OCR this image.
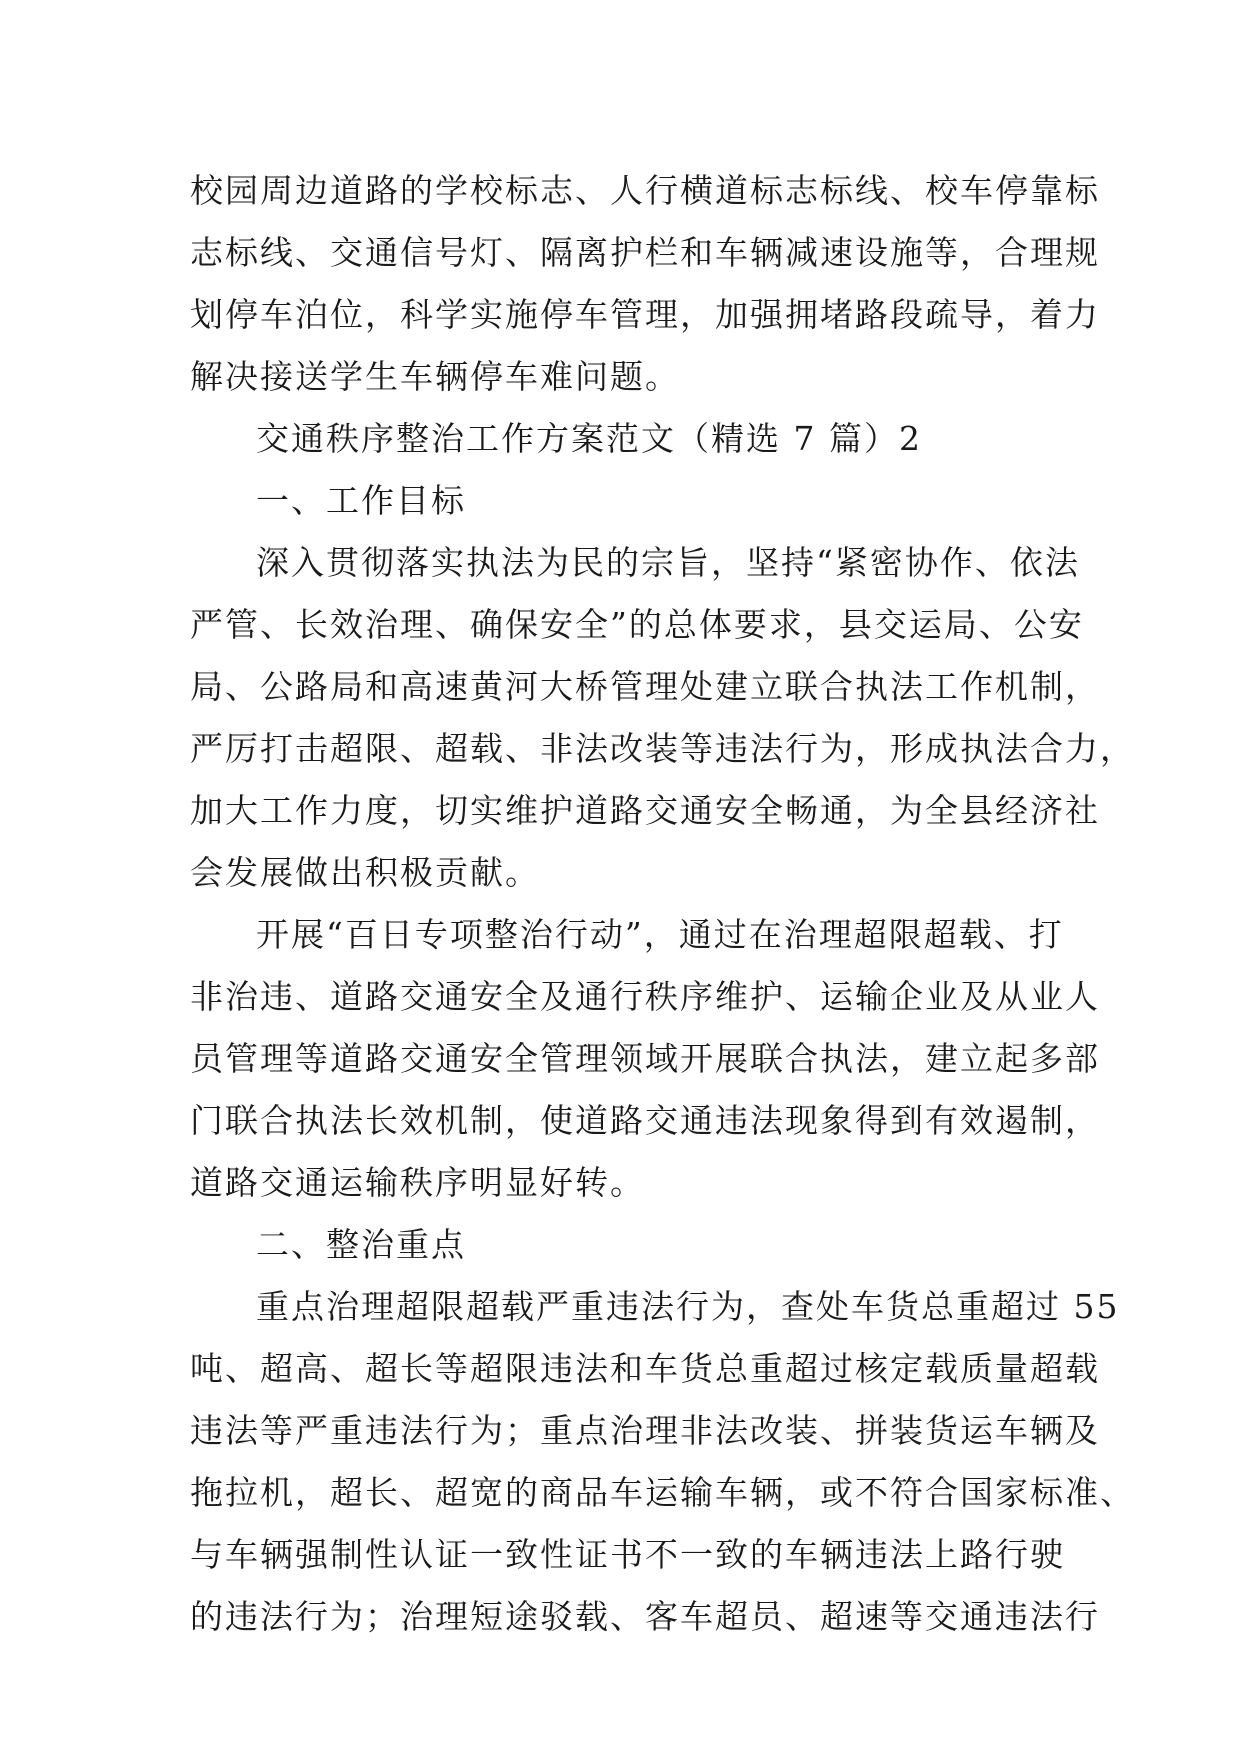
校园周边道路的学校标志、人行横道标志标线、校车停靠标
志标线、交通信号灯、隔离护栏和车辆减速设施等，合理规
划停车泊位，科学实施停车管理，加强拥堵路段疏导，着力
解决接送学生车辆停车难问题。

交通秩序整治工作方案范文（精选 7 篇）2

一、工作目标

深入贯彻落实执法为民的宗旨，坚持“紧密协作、依法
严管、长效治理、确保安全”的总体要求，县交运局、公安
局、公路局和高速黄河大桥管理处建立联合执法工作机制，
严厉打击超限、超载、非法改装等违法行为，形成执法合力，
加大工作力度，切实维护道路交通安全畅通，为全县经济社
会发展做出积极贡献。

开展“百日专项整治行动”，通过在治理超限超载、打
非治违、道路交通安全及通行秩序维护、运输企业及从业人
员管理等道路交通安全管理领域开展联合执法，建立起多部
门联合执法长效机制，使道路交通违法现象得到有效遏制，
道路交通运输秩序明显好转。

二、整治重点

重点治理超限超载严重违法行为，查处车货总重超过 55
吨、超高、超长等超限违法和车货总重超过核定载质量超载
违法等严重违法行为；重点治理非法改装、拼装货运车辆及
拖拉机，超长、超宽的商品车运输车辆，或不符合国家标准、
与车辆强制性认证一致性证书不一致的车辆违法上路行驶
的违法行为；治理短途驳载、客车超员、超速等交通违法行
